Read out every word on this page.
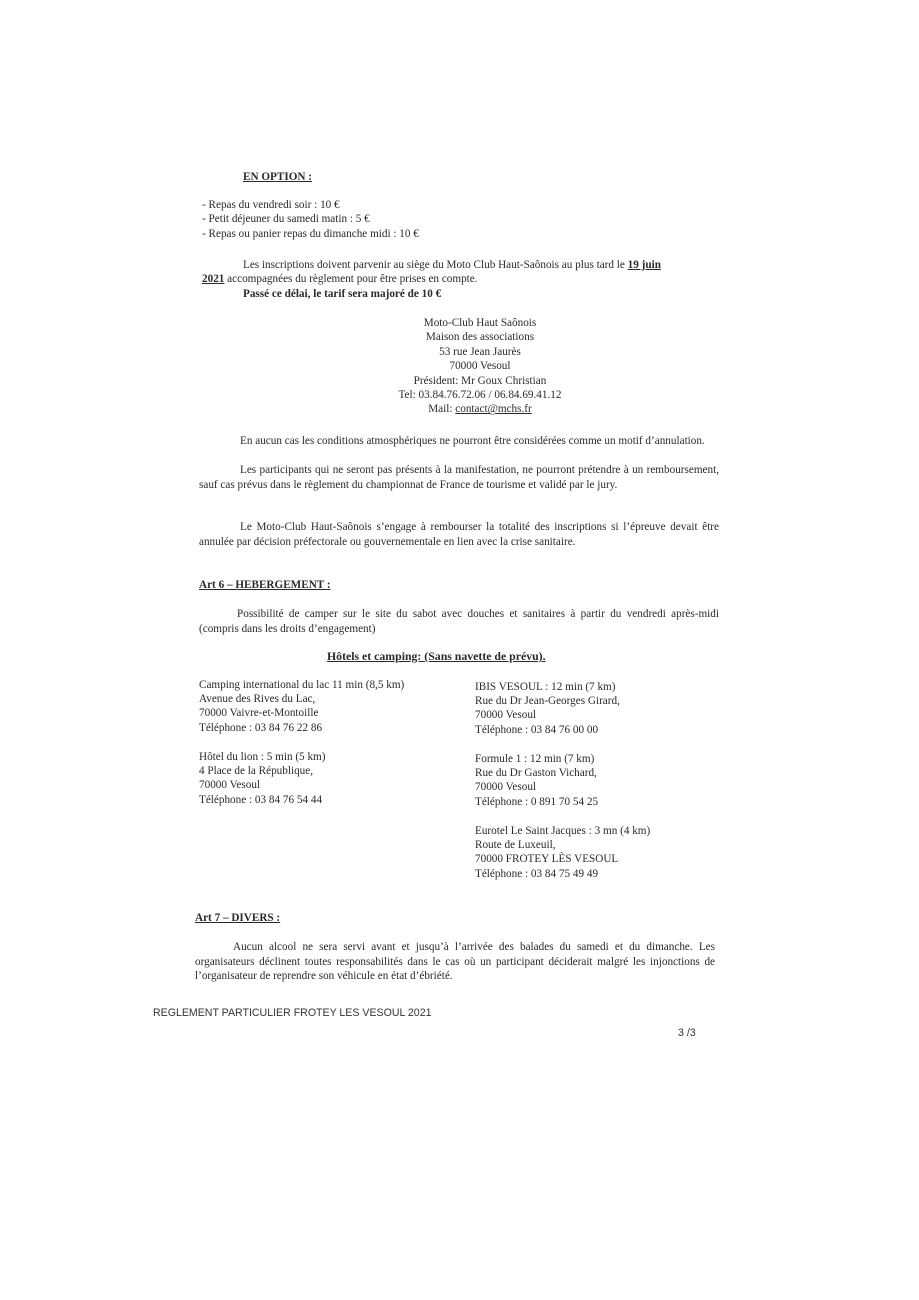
EN OPTION :
- Repas du vendredi soir : 10 €
- Petit déjeuner du samedi matin : 5 €
- Repas ou panier repas du dimanche midi : 10 €
Les inscriptions doivent parvenir au siège du Moto Club Haut-Saônois au plus tard le 19 juin
2021 accompagnées du règlement pour être prises en compte.
Passé ce délai, le tarif sera majoré de 10 €
Moto-Club Haut Saônois
Maison des associations
53 rue Jean Jaurès
70000 Vesoul
Président: Mr Goux Christian
Tel: 03.84.76.72.06 / 06.84.69.41.12
Mail: contact@mchs.fr
En aucun cas les conditions atmosphériques ne pourront être considérées comme un motif d’annulation.
Les participants qui ne seront pas présents à la manifestation, ne pourront prétendre à un remboursement, sauf cas prévus dans le règlement du championnat de France de tourisme et validé par le jury.
Le Moto-Club Haut-Saônois s’engage à rembourser la totalité des inscriptions si l’épreuve devait être annulée par décision préfectorale ou gouvernementale en lien avec la crise sanitaire.
Art 6 – HEBERGEMENT :
Possibilité de camper sur le site du sabot avec douches et sanitaires à partir du vendredi après-midi (compris dans les droits d’engagement)
Hôtels et camping: (Sans navette de prévu).
Camping international du lac 11 min (8,5 km)
Avenue des Rives du Lac,
70000 Vaivre-et-Montoille
Téléphone : 03 84 76 22 86
Hôtel du lion : 5 min (5 km)
4 Place de la République,
70000 Vesoul
Téléphone : 03 84 76 54 44
IBIS VESOUL : 12 min (7 km)
Rue du Dr Jean-Georges Girard,
70000 Vesoul
Téléphone : 03 84 76 00 00
Formule 1 : 12 min (7 km)
Rue du Dr Gaston Vichard,
70000 Vesoul
Téléphone : 0 891 70 54 25
Eurotel Le Saint Jacques : 3 mn (4 km)
Route de Luxeuil,
70000 FROTEY LÈS VESOUL
Téléphone : 03 84 75 49 49
Art 7 – DIVERS :
Aucun alcool ne sera servi avant et jusqu’à l’arrivée des balades du samedi et du dimanche. Les organisateurs déclinent toutes responsabilités dans le cas où un participant déciderait malgré les injonctions de l’organisateur de reprendre son véhicule en état d’ébriété.
REGLEMENT PARTICULIER FROTEY LES VESOUL 2021
3 /3
